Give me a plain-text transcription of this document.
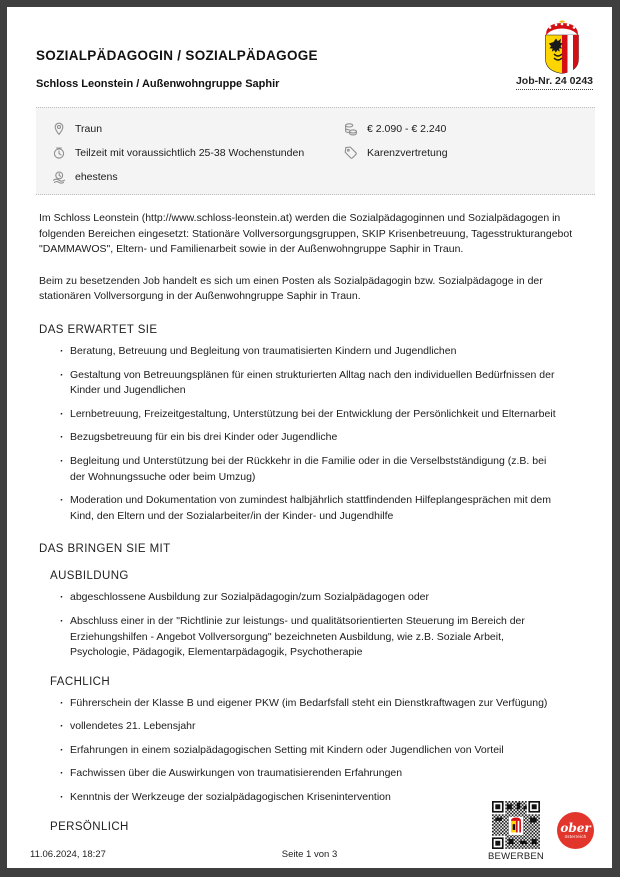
SOZIALPÄDAGOGIN / SOZIALPÄDAGOGE
Schloss Leonstein / Außenwohngruppe Saphir	Job-Nr. 24 0243
Traun
Teilzeit mit voraussichtlich 25-38 Wochenstunden
ehestens
€ 2.090 - € 2.240
Karenzvertretung

Im Schloss Leonstein (http://www.schloss-leonstein.at) werden die Sozialpädagoginnen und Sozialpädagogen in folgenden Bereichen eingesetzt: Stationäre Vollversorgungsgruppen, SKIP Krisenbetreuung, Tagesstrukturangebot "DAMMAWOS", Eltern- und Familienarbeit sowie in der Außenwohngruppe Saphir in Traun.

Beim zu besetzenden Job handelt es sich um einen Posten als Sozialpädagogin bzw. Sozialpädagoge in der stationären Vollversorgung in der Außenwohngruppe Saphir in Traun.

DAS ERWARTET SIE
· Beratung, Betreuung und Begleitung von traumatisierten Kindern und Jugendlichen
· Gestaltung von Betreuungsplänen für einen strukturierten Alltag nach den individuellen Bedürfnissen der Kinder und Jugendlichen
· Lernbetreuung, Freizeitgestaltung, Unterstützung bei der Entwicklung der Persönlichkeit und Elternarbeit
· Bezugsbetreuung für ein bis drei Kinder oder Jugendliche
· Begleitung und Unterstützung bei der Rückkehr in die Familie oder in die Verselbstständigung (z.B. bei der Wohnungssuche oder beim Umzug)
· Moderation und Dokumentation von zumindest halbjährlich stattfindenden Hilfeplangesprächen mit dem Kind, den Eltern und der Sozialarbeiter/in der Kinder- und Jugendhilfe
DAS BRINGEN SIE MIT
AUSBILDUNG
· abgeschlossene Ausbildung zur Sozialpädagogin/zum Sozialpädagogen oder
· Abschluss einer in der "Richtlinie zur leistungs- und qualitätsorientierten Steuerung im Bereich der Erziehungshilfen - Angebot Vollversorgung" bezeichneten Ausbildung, wie z.B. Soziale Arbeit, Psychologie, Pädagogik, Elementarpädagogik, Psychotherapie
FACHLICH
· Führerschein der Klasse B und eigener PKW (im Bedarfsfall steht ein Dienstkraftwagen zur Verfügung)
· vollendetes 21. Lebensjahr
· Erfahrungen in einem sozialpädagogischen Setting mit Kindern oder Jugendlichen von Vorteil
· Fachwissen über die Auswirkungen von traumatisierenden Erfahrungen
· Kenntnis der Werkzeuge der sozialpädagogischen Krisenintervention
PERSÖNLICH
11.06.2024, 18:27	Seite 1 von 3	BEWERBEN
ober
österreich
